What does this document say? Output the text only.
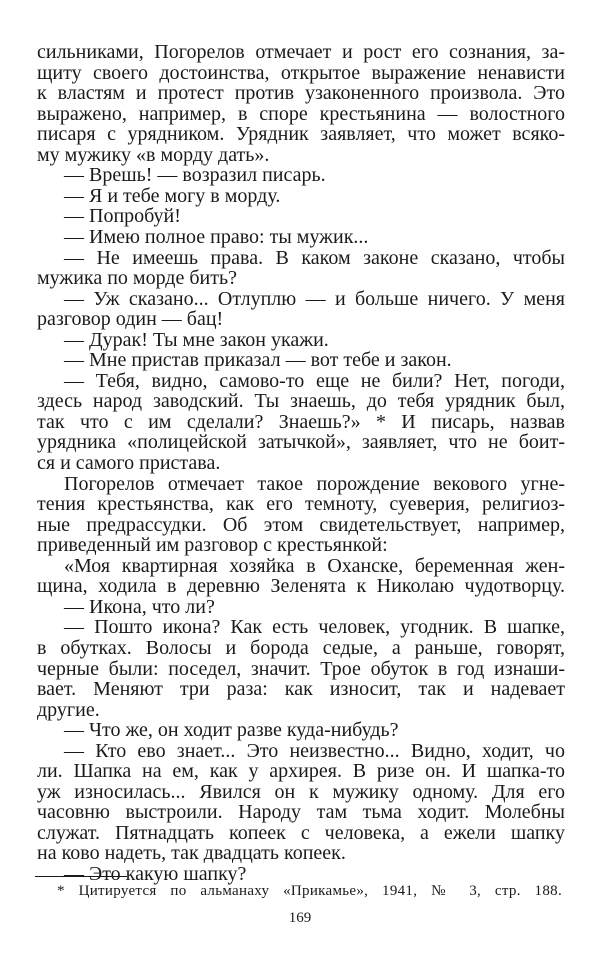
сильниками, Погорелов отмечает и рост его сознания, за-
щиту своего достоинства, открытое выражение ненависти
к властям и протест против узаконенного произвола. Это
выражено, например, в споре крестьянина — волостного
писаря с урядником. Урядник заявляет, что может всяко-
му мужику «в морду дать».
— Врешь! — возразил писарь.
— Я и тебе могу в морду.
— Попробуй!
— Имею полное право: ты мужик...
— Не имеешь права. В каком законе сказано, чтобы
мужика по морде бить?
— Уж сказано... Отлуплю — и больше ничего. У меня
разговор один — бац!
— Дурак! Ты мне закон укажи.
— Мне пристав приказал — вот тебе и закон.
— Тебя, видно, самово-то еще не били? Нет, погоди,
здесь народ заводский. Ты знаешь, до тебя урядник был,
так что с им сделали? Знаешь?» * И писарь, назвав
урядника «полицейской затычкой», заявляет, что не боит-
ся и самого пристава.
Погорелов отмечает такое порождение векового угне-
тения крестьянства, как его темноту, суеверия, религиоз-
ные предрассудки. Об этом свидетельствует, например,
приведенный им разговор с крестьянкой:
«Моя квартирная хозяйка в Оханске, беременная жен-
щина, ходила в деревню Зеленята к Николаю чудотворцу.
— Икона, что ли?
— Пошто икона? Как есть человек, угодник. В шапке,
в обутках. Волосы и борода седые, а раньше, говорят,
черные были: поседел, значит. Трое обуток в год изнаши-
вает. Меняют три раза: как износит, так и надевает
другие.
— Что же, он ходит разве куда-нибудь?
— Кто ево знает... Это неизвестно... Видно, ходит, чо
ли. Шапка на ем, как у архирея. В ризе он. И шапка-то
уж износилась... Явился он к мужику одному. Для его
часовню выстроили. Народу там тьма ходит. Молебны
служат. Пятнадцать копеек с человека, а ежели шапку
на ково надеть, так двадцать копеек.
— Это какую шапку?
* Цитируется по альманаху «Прикамье», 1941, № 3, стр. 188.
169
